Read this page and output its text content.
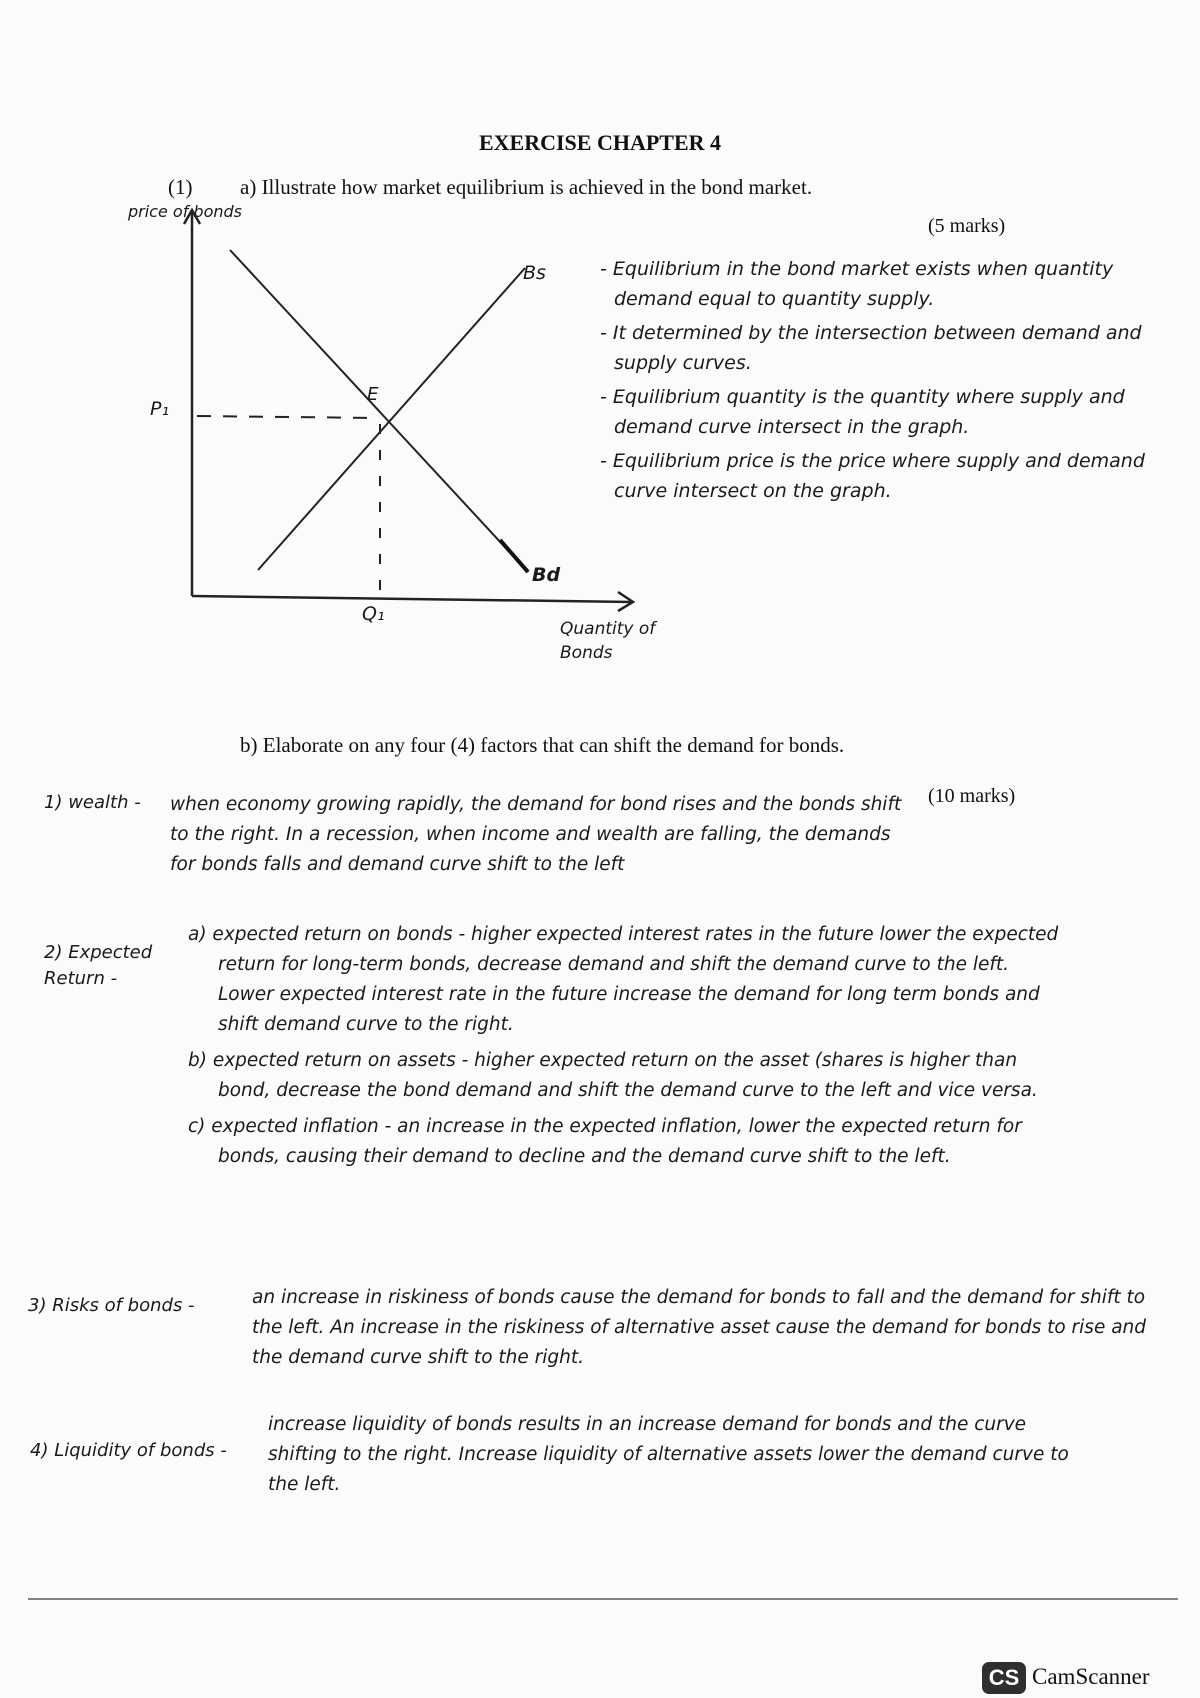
EXERCISE CHAPTER 4
(1) a) Illustrate how market equilibrium is achieved in the bond market.
(5 marks)
price of bonds
Quantity of Bonds
Bs
Bd
E
P₁
Q₁
- Equilibrium in the bond market exists when quantity demand equal to quantity supply.
- It determined by the intersection between demand and supply curves.
- Equilibrium quantity is the quantity where supply and demand curve intersect in the graph.
- Equilibrium price is the price where supply and demand curve intersect on the graph.
b) Elaborate on any four (4) factors that can shift the demand for bonds.
(10 marks)
1) wealth -	when economy growing rapidly, the demand for bond rises and the bonds shift to the right. In a recession, when income and wealth are falling, the demands for bonds falls and demand curve shift to the left
2) Expected Return -
a) expected return on bonds - higher expected interest rates in the future lower the expected return for long-term bonds, decrease demand and shift the demand curve to the left. Lower expected interest rate in the future increase the demand for long term bonds and shift demand curve to the right.
b) expected return on assets - higher expected return on the asset (shares is higher than bond, decrease the bond demand and shift the demand curve to the left and vice versa.
c) expected inflation - an increase in the expected inflation, lower the expected return for bonds, causing their demand to decline and the demand curve shift to the left.
3) Risks of bonds -	an increase in riskiness of bonds cause the demand for bonds to fall and the demand for shift to the left. An increase in the riskiness of alternative asset cause the demand for bonds to rise and the demand curve shift to the right.
4) Liquidity of bonds -
increase liquidity of bonds results in an increase demand for bonds and the curve shifting to the right. Increase liquidity of alternative assets lower the demand curve to the left.
CS CamScanner
